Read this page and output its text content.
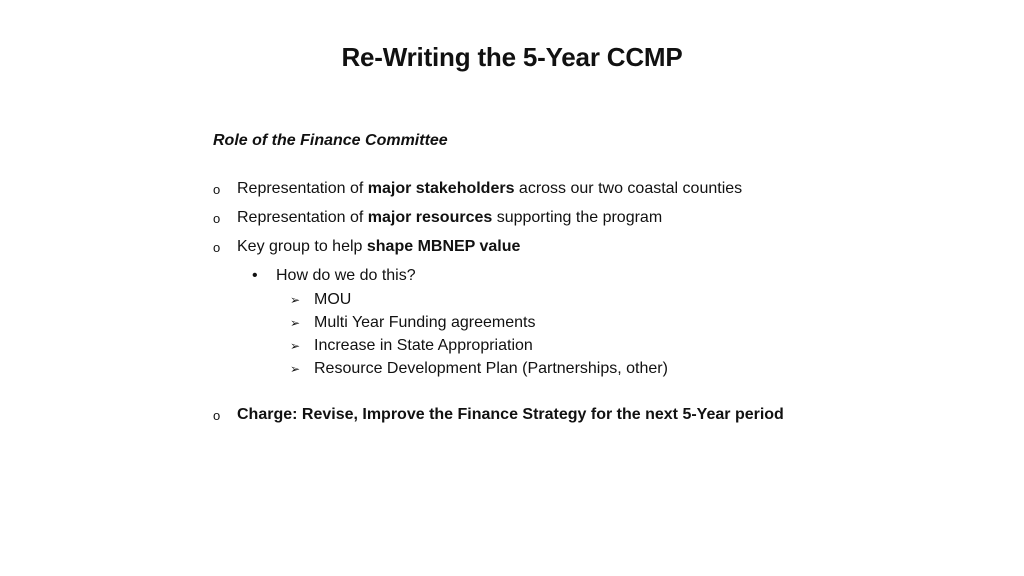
Re-Writing the 5-Year CCMP
Role of the Finance Committee
o Representation of major stakeholders across our two coastal counties
o Representation of major resources supporting the program
o Key group to help shape MBNEP value
• How do we do this?
➢ MOU
➢ Multi Year Funding agreements
➢ Increase in State Appropriation
➢ Resource Development Plan (Partnerships, other)
o Charge: Revise, Improve the Finance Strategy for the next 5-Year period
